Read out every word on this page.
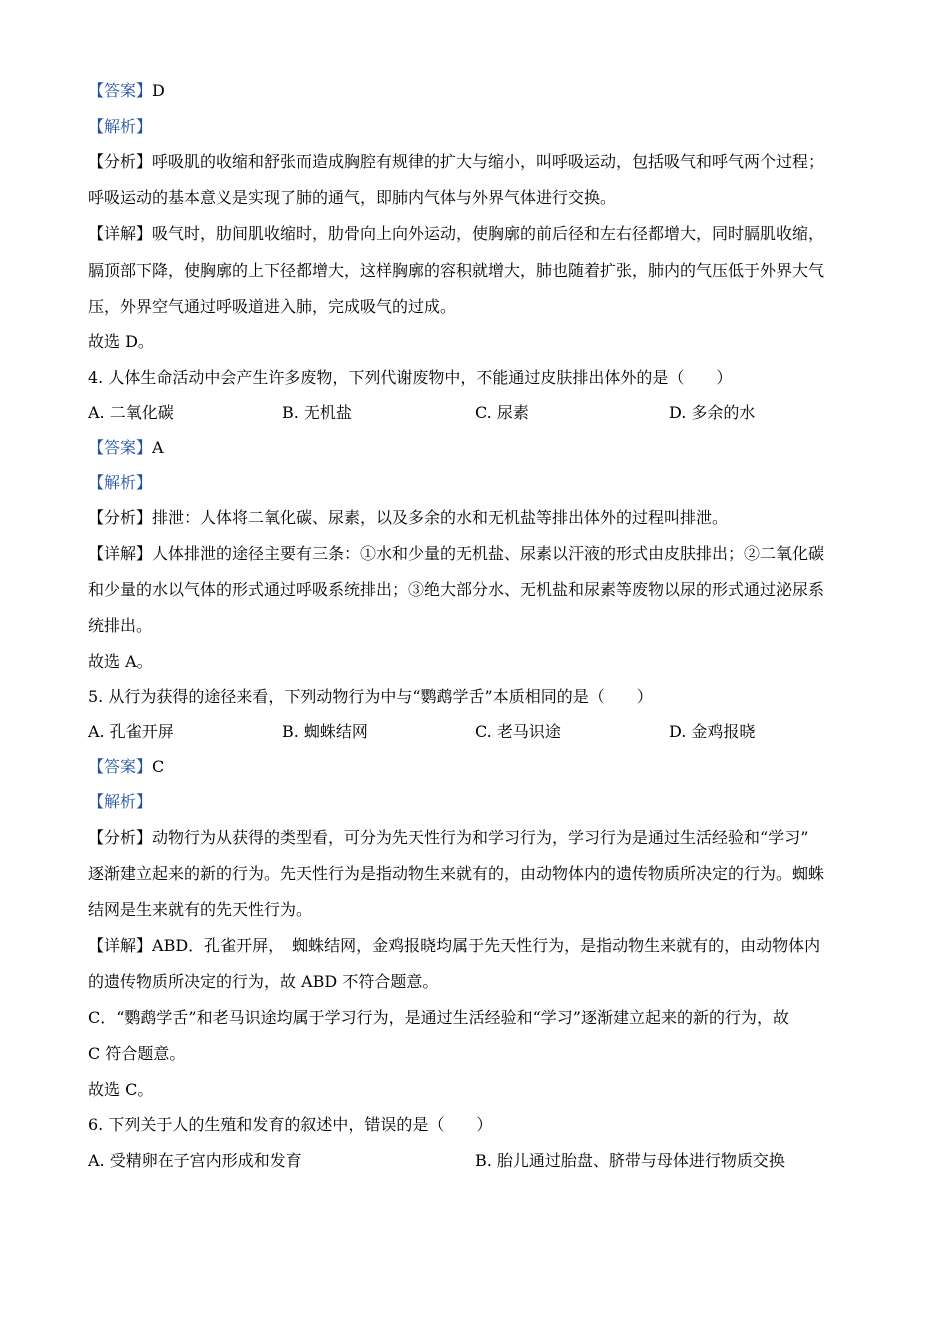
【答案】D
【解析】
【分析】呼吸肌的收缩和舒张而造成胸腔有规律的扩大与缩小，叫呼吸运动，包括吸气和呼气两个过程；
呼吸运动的基本意义是实现了肺的通气，即肺内气体与外界气体进行交换。
【详解】吸气时，肋间肌收缩时，肋骨向上向外运动，使胸廓的前后径和左右径都增大，同时膈肌收缩，
膈顶部下降，使胸廓的上下径都增大，这样胸廓的容积就增大，肺也随着扩张，肺内的气压低于外界大气
压，外界空气通过呼吸道进入肺，完成吸气的过成。
故选 D。
4. 人体生命活动中会产生许多废物，下列代谢废物中，不能通过皮肤排出体外的是（　　）
A. 二氧化碳	B. 无机盐	C. 尿素	D. 多余的水
【答案】A
【解析】
【分析】排泄：人体将二氧化碳、尿素，以及多余的水和无机盐等排出体外的过程叫排泄。
【详解】人体排泄的途径主要有三条：①水和少量的无机盐、尿素以汗液的形式由皮肤排出；②二氧化碳
和少量的水以气体的形式通过呼吸系统排出；③绝大部分水、无机盐和尿素等废物以尿的形式通过泌尿系
统排出。
故选 A。
5. 从行为获得的途径来看，下列动物行为中与“鹦鹉学舌”本质相同的是（　　）
A. 孔雀开屏	B. 蜘蛛结网	C. 老马识途	D. 金鸡报晓
【答案】C
【解析】
【分析】动物行为从获得的类型看，可分为先天性行为和学习行为，学习行为是通过生活经验和“学习”
逐渐建立起来的新的行为。先天性行为是指动物生来就有的，由动物体内的遗传物质所决定的行为。蜘蛛
结网是生来就有的先天性行为。
【详解】ABD．孔雀开屏，　蜘蛛结网，金鸡报晓均属于先天性行为，是指动物生来就有的，由动物体内
的遗传物质所决定的行为，故 ABD 不符合题意。
C．“鹦鹉学舌”和老马识途均属于学习行为，是通过生活经验和“学习”逐渐建立起来的新的行为，故
C 符合题意。
故选 C。
6. 下列关于人的生殖和发育的叙述中，错误的是（　　）
A. 受精卵在子宫内形成和发育	B. 胎儿通过胎盘、脐带与母体进行物质交换
